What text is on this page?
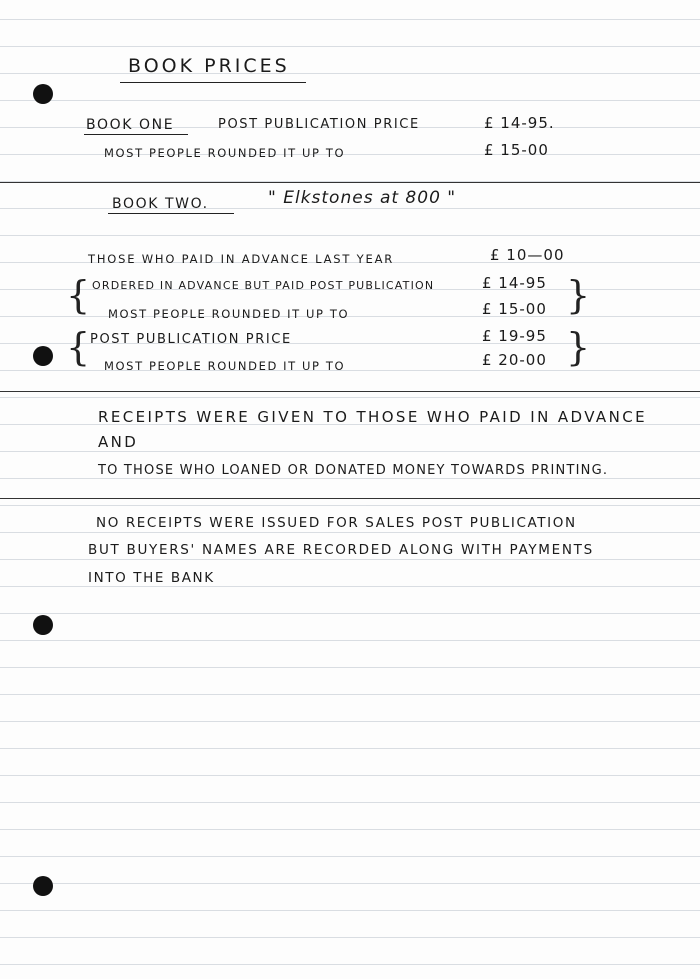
BOOK PRICES
BOOK ONE	POST PUBLICATION PRICE	£ 14-95.
MOST PEOPLE ROUNDED IT UP TO	£ 15-00
BOOK TWO.	" Elkstones at 800 "
THOSE WHO PAID IN ADVANCE LAST YEAR	£ 10—00
{ ORDERED IN ADVANCE BUT PAID POST PUBLICATION	£ 14-95
MOST PEOPLE ROUNDED IT UP TO	£ 15-00 }
{ POST PUBLICATION PRICE	£ 19-95
MOST PEOPLE ROUNDED IT UP TO	£ 20-00 }
RECEIPTS WERE GIVEN TO THOSE WHO PAID IN ADVANCE
AND
TO THOSE WHO LOANED OR DONATED MONEY TOWARDS PRINTING.
NO RECEIPTS WERE ISSUED FOR SALES POST PUBLICATION
BUT BUYERS' NAMES ARE RECORDED ALONG WITH PAYMENTS
INTO THE BANK
